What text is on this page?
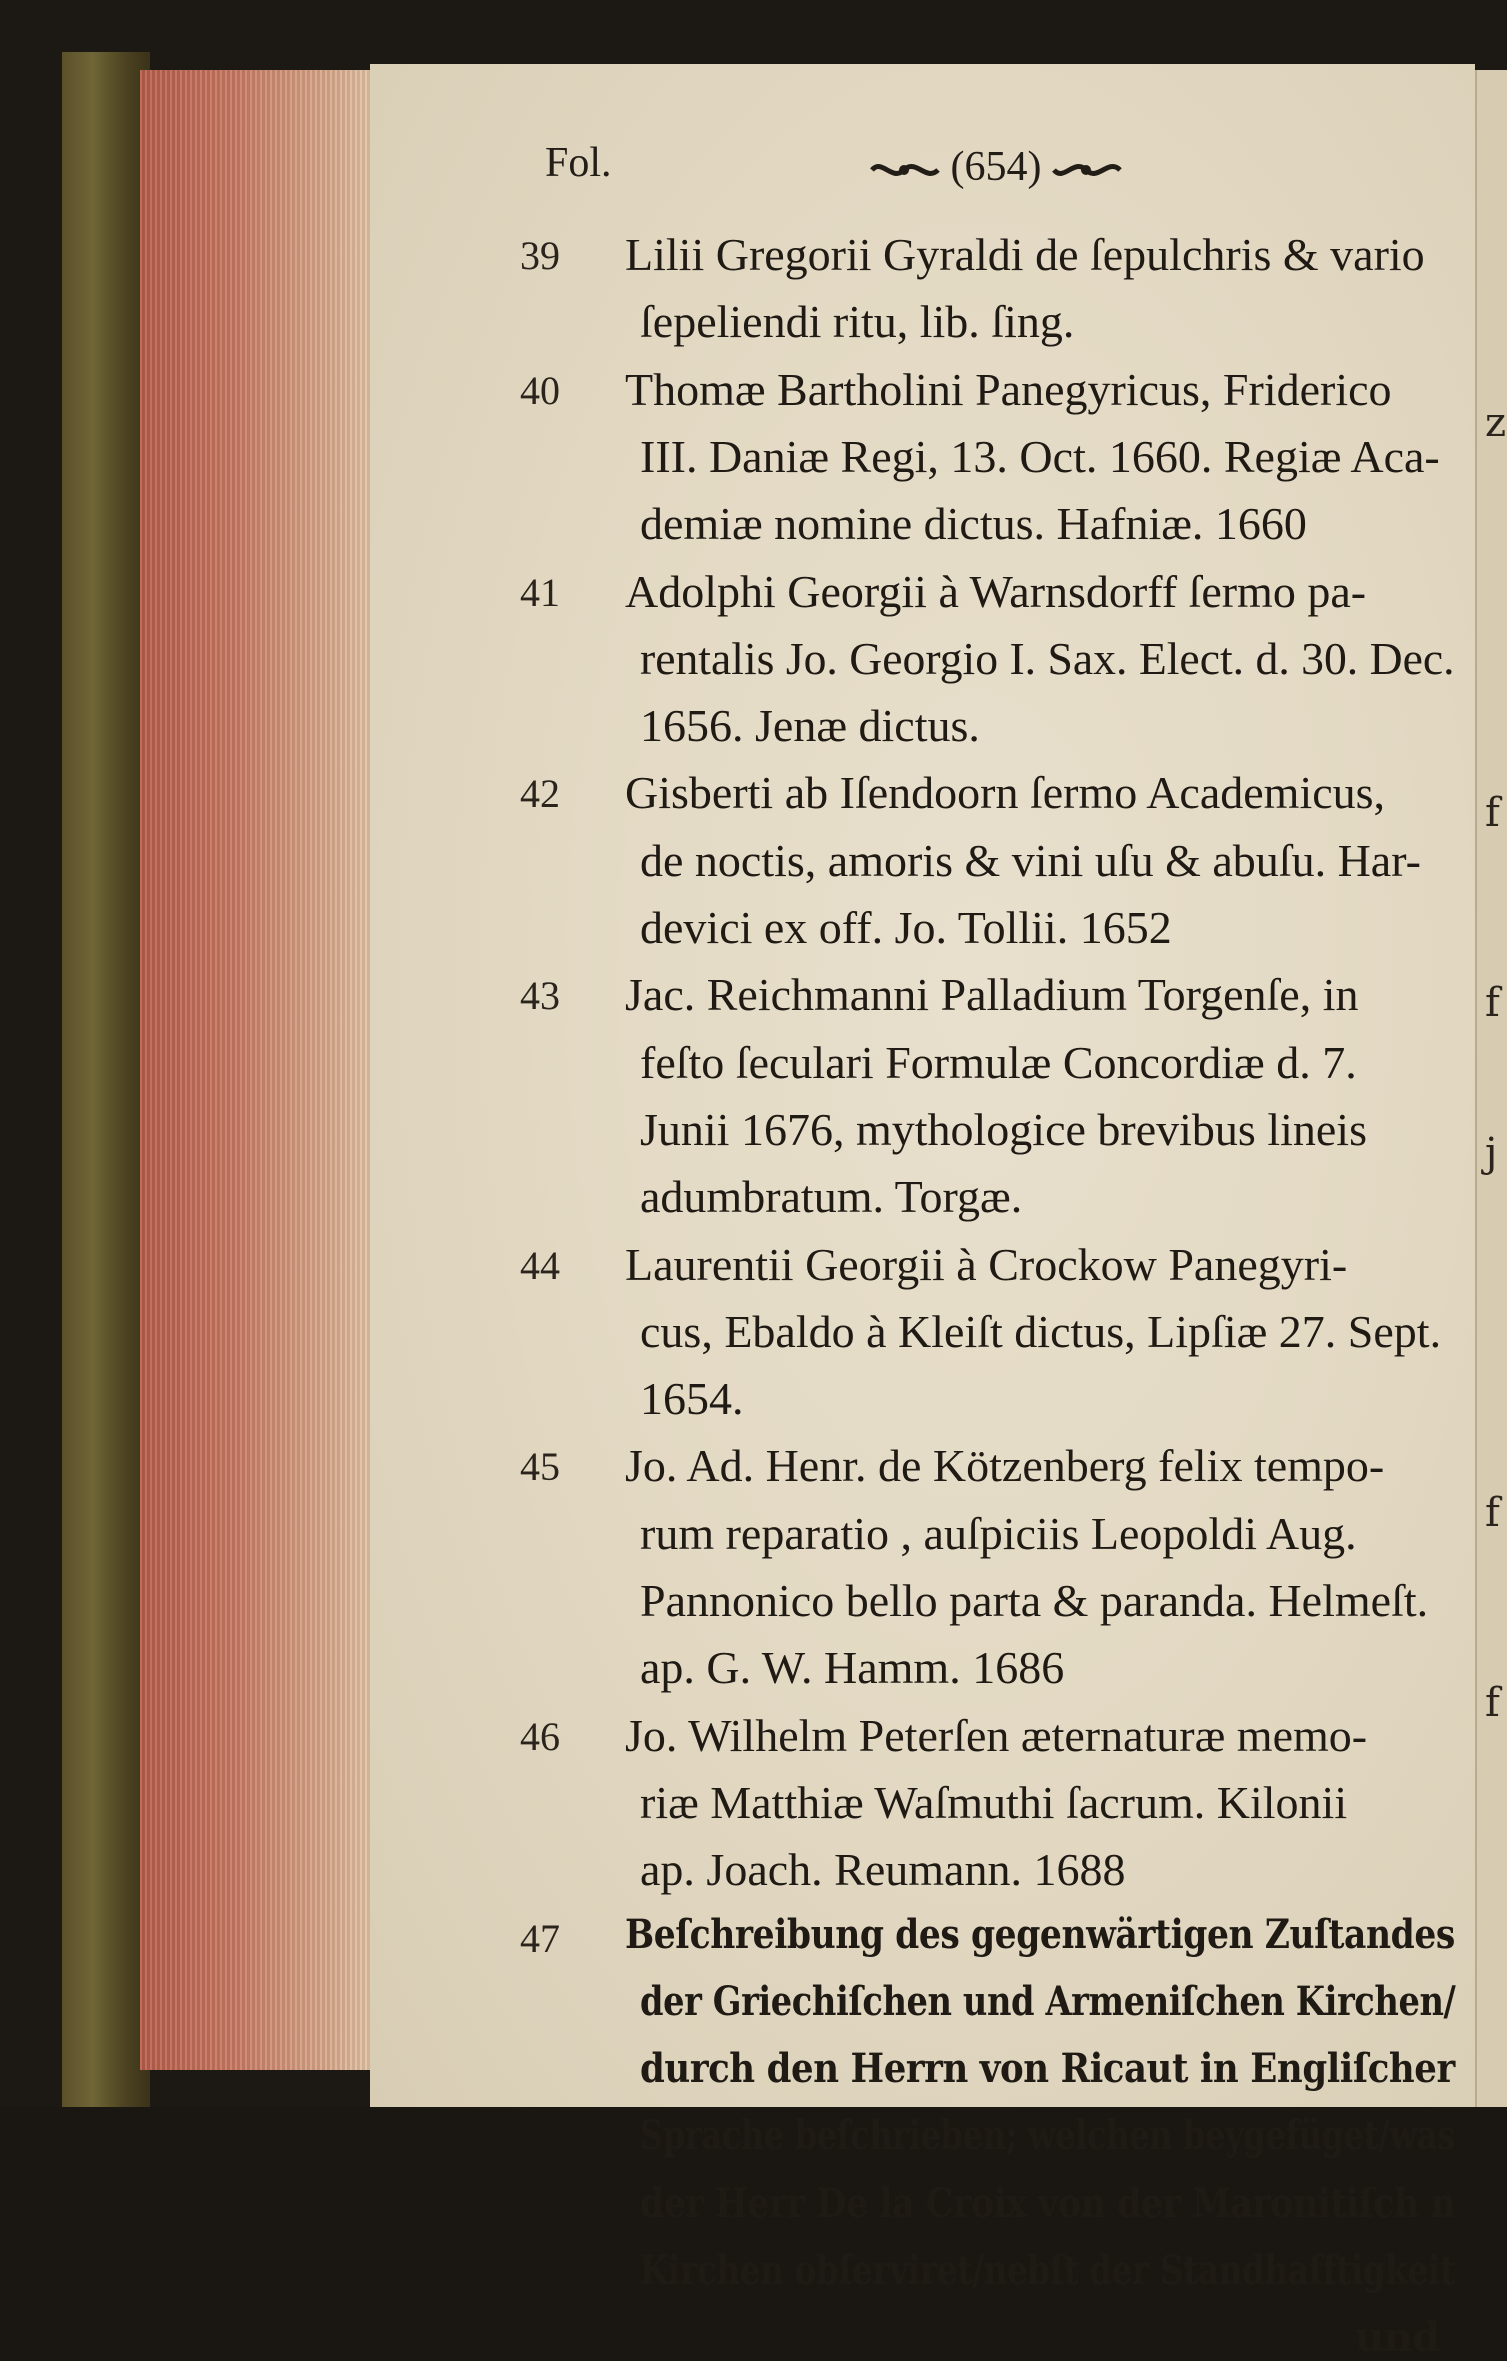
z
f
f
j
f
f
Fol.	(654)
39	Lilii Gregorii Gyraldi de ſepulchris & vario
ſepeliendi ritu, lib. ſing.
40	Thomæ Bartholini Panegyricus, Friderico
III. Daniæ Regi, 13. Oct. 1660. Regiæ Aca-
demiæ nomine dictus. Hafniæ. 1660
41	Adolphi Georgii à Warnsdorff ſermo pa-
rentalis Jo. Georgio I. Sax. Elect. d. 30. Dec.
1656. Jenæ dictus.
42	Gisberti ab Iſendoorn ſermo Academicus,
de noctis, amoris & vini uſu & abuſu. Har-
devici ex off. Jo. Tollii. 1652
43	Jac. Reichmanni Palladium Torgenſe, in
feſto ſeculari Formulæ Concordiæ d. 7.
Junii 1676, mythologice brevibus lineis
adumbratum. Torgæ.
44	Laurentii Georgii à Crockow Panegyri-
cus, Ebaldo à Kleiſt dictus, Lipſiæ 27. Sept.
1654.
45	Jo. Ad. Henr. de Kötzenberg felix tempo-
rum reparatio , auſpiciis Leopoldi Aug.
Pannonico bello parta & paranda. Helmeſt.
ap. G. W. Hamm. 1686
46	Jo. Wilhelm Peterſen æternaturæ memo-
riæ Matthiæ Waſmuthi ſacrum. Kilonii
ap. Joach. Reumann. 1688
47	Beſchreibung des gegenwärtigen Zuſtandes
der Griechiſchen und Armeniſchen Kirchen/
durch den Herrn von Ricaut in Engliſcher
Sprache beſchrieben; welchen beygefüget/was
der Herr De la Croix von der Maronitiſch n
Kirchen obſerviret/nebſt der Standhafftigkeit
und
